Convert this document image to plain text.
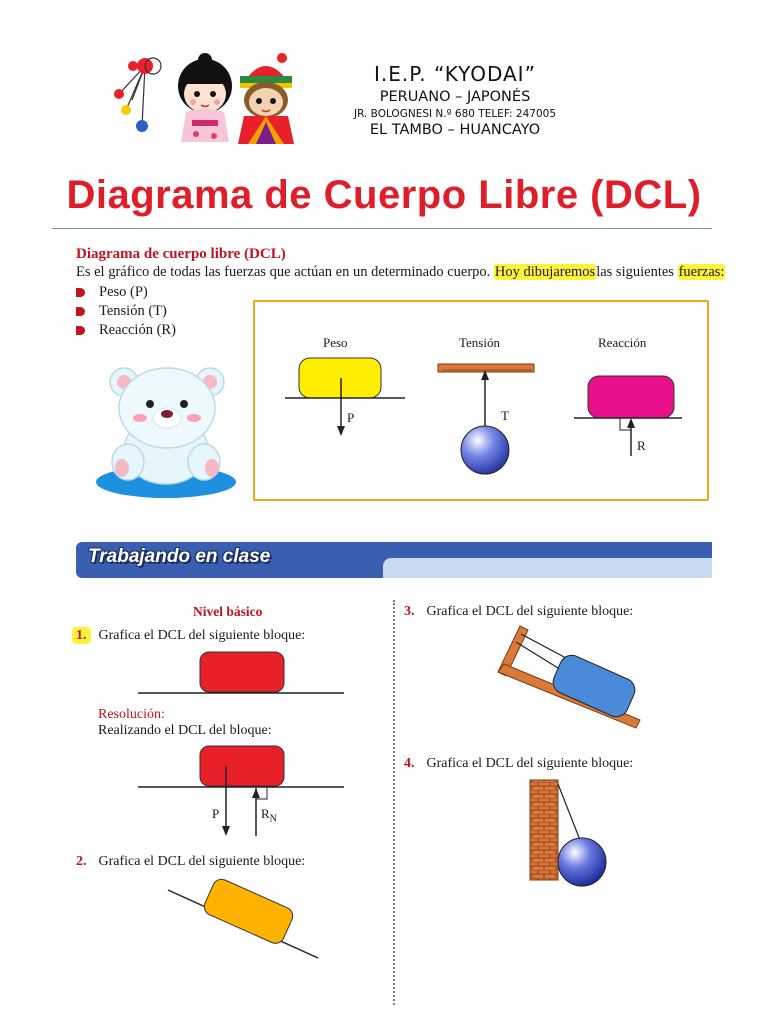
I.E.P. “KYODAI”
PERUANO – JAPONÉS
JR. BOLOGNESI N.º 680 TELEF: 247005
EL TAMBO – HUANCAYO
Diagrama de Cuerpo Libre (DCL)
Diagrama de cuerpo libre (DCL)
Es el gráfico de todas las fuerzas que actúan en un determinado cuerpo. Hoy dibujaremoslas siguientes fuerzas:
Peso (P)
Tensión (T)
Reacción (R)
Peso	Tensión	Reacción
P	T
R
Trabajando en clase
Nivel básico
1. Grafica el DCL del siguiente bloque:
Resolución:
Realizando el DCL del bloque:
P	$R_N$
2. Grafica el DCL del siguiente bloque:
3. Grafica el DCL del siguiente bloque:
4. Grafica el DCL del siguiente bloque:
